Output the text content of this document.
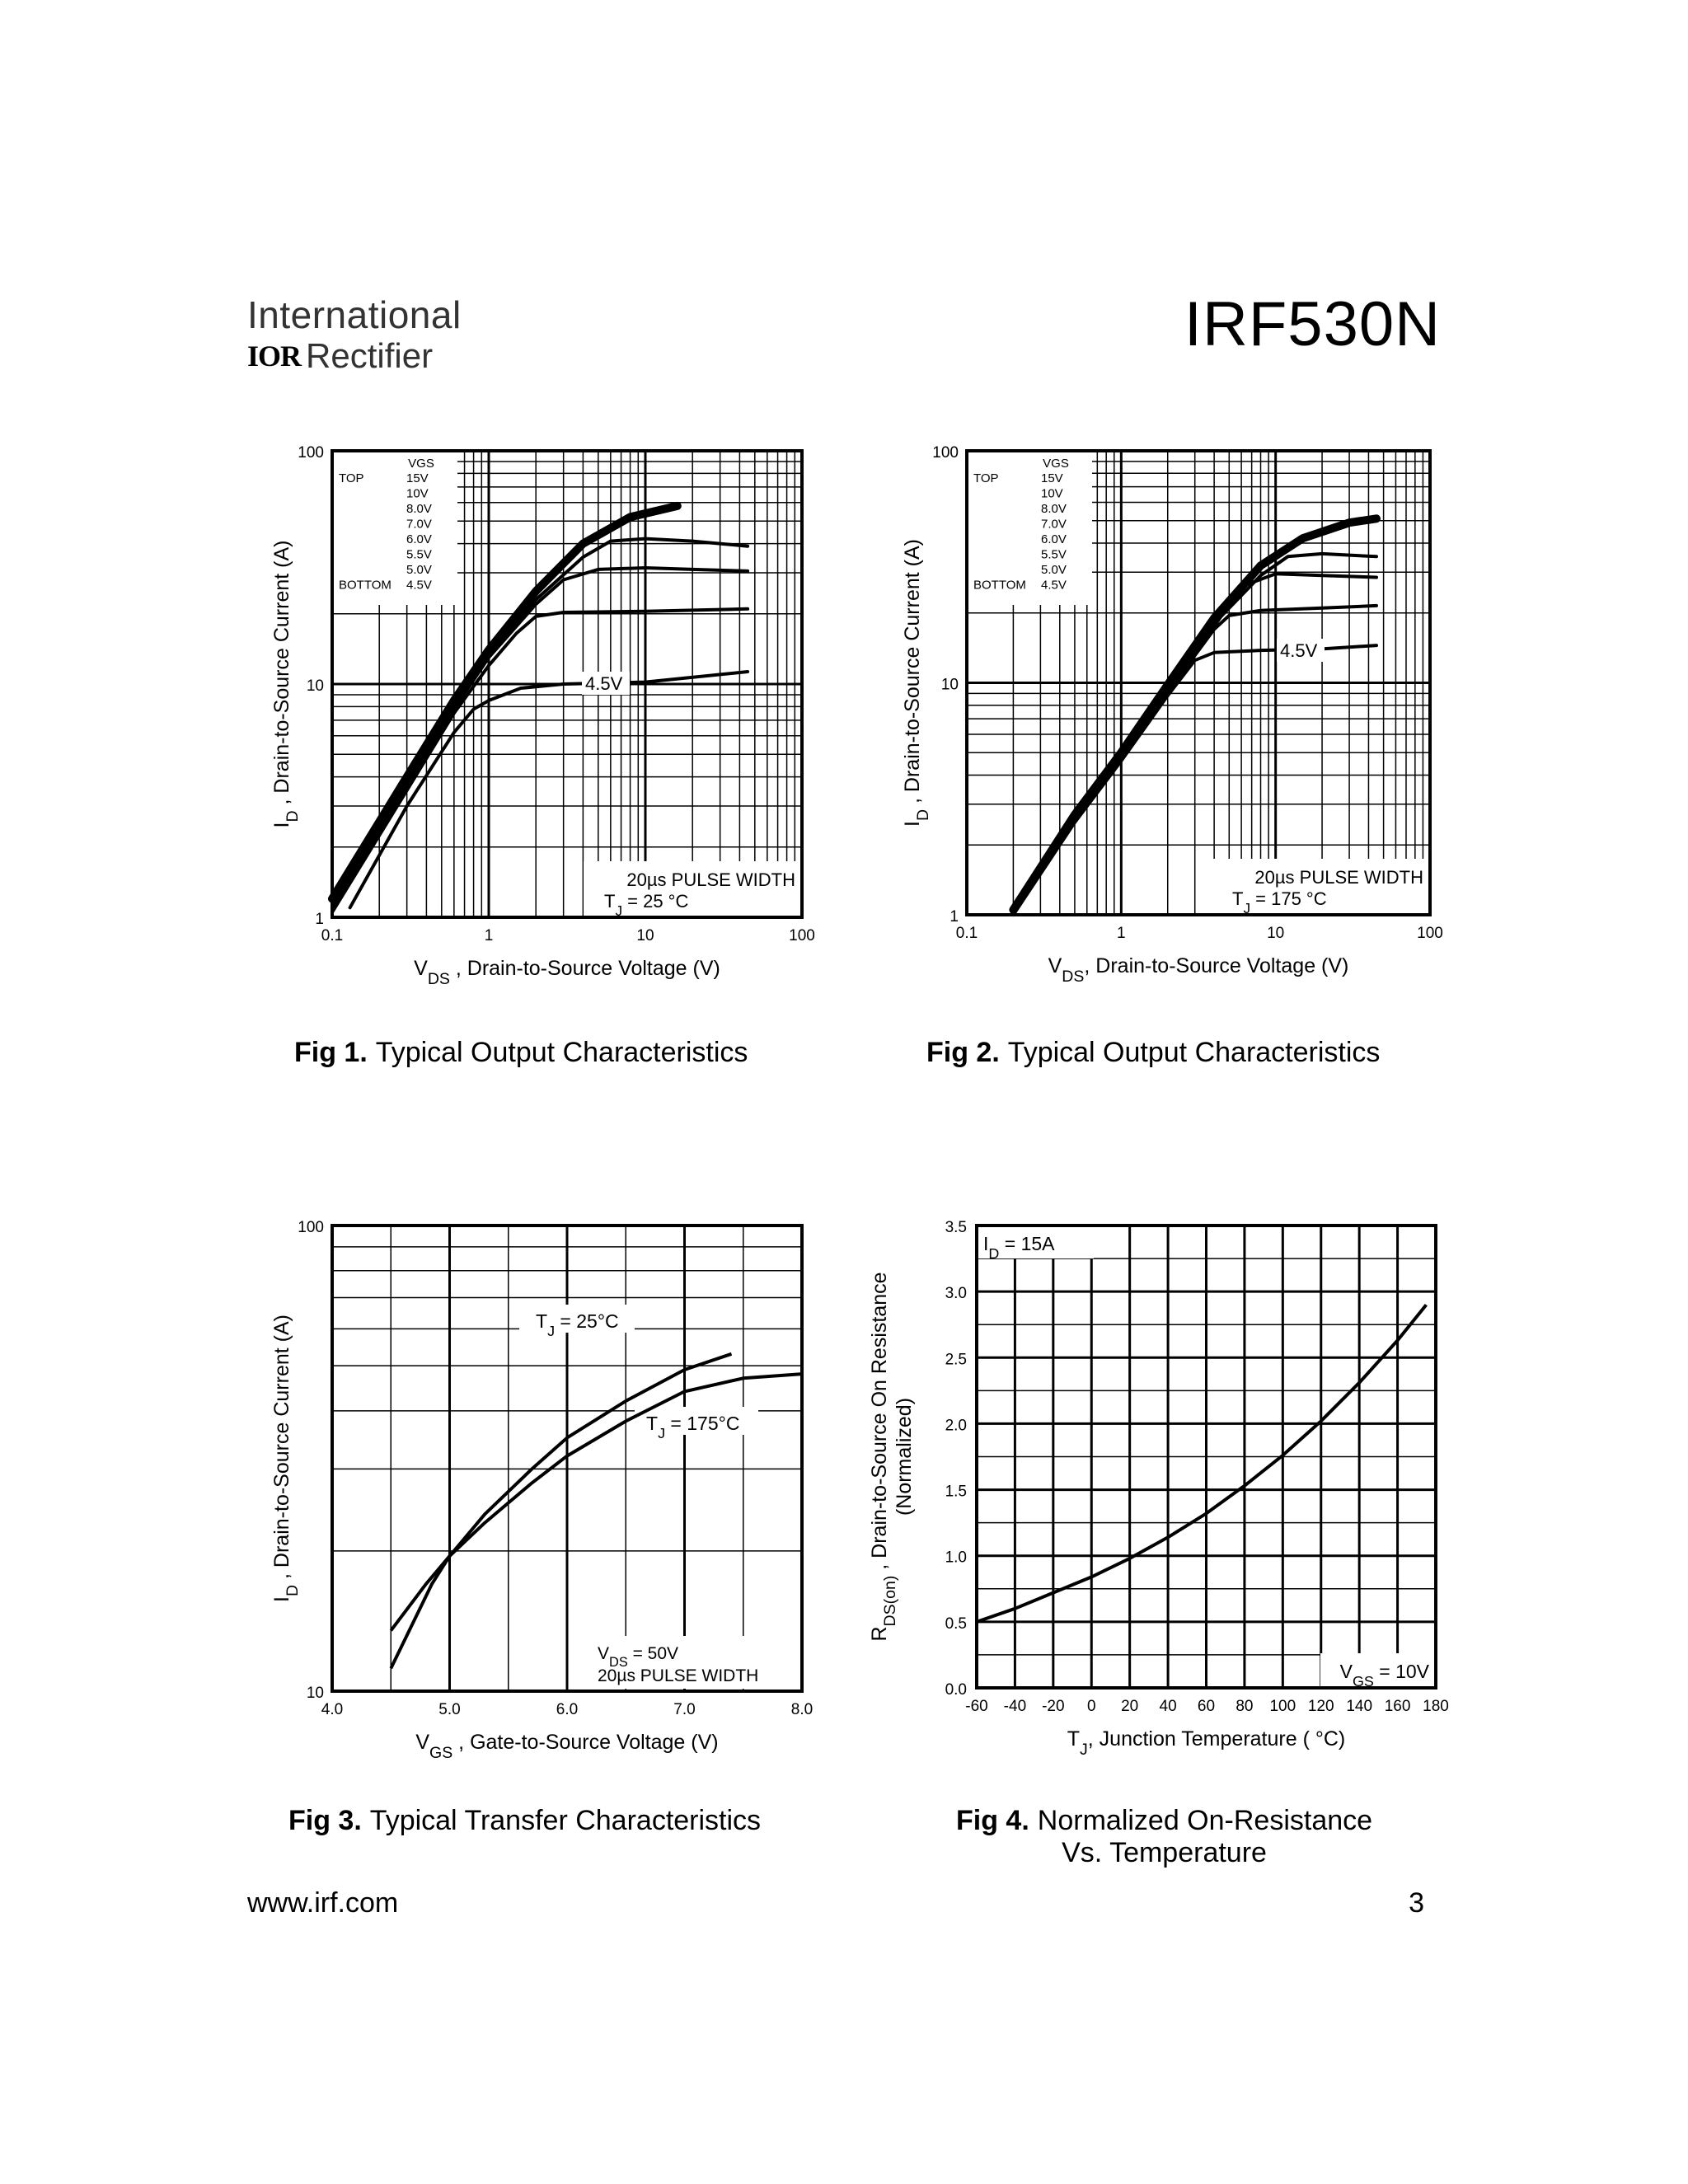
International
IOR Rectifier	IRF530N
VGS
TOP	15V
10V
8.0V
7.0V
6.0V
5.5V
5.0V
4.5V
BOTTOM
4.5V
20µs PULSE WIDTH
$T_J = 25$ °C
0.1	1	10	100
1
10
100
$V_{DS}$ , Drain-to-Source Voltage (V)
$I_D$ , Drain-to-Source Current (A)
Fig 1. Typical Output Characteristics
VGS
TOP	15V
10V
8.0V
7.0V
6.0V
5.5V
5.0V
4.5V
BOTTOM
4.5V
20µs PULSE WIDTH
$T_J = 175$ °C
0.1	1	10	100
1
10
100
$V_{DS}$, Drain-to-Source Voltage (V)
$I_D$ , Drain-to-Source Current (A)
Fig 2. Typical Output Characteristics
$T_J = 25^\circ C$
$T_J = 175^\circ C$
$V_{DS} = 50V$
20µs PULSE WIDTH
4.0	5.0	6.0	7.0	8.0
10
100
$V_{GS}$ , Gate-to-Source Voltage (V)
$I_D$ , Drain-to-Source Current (A)
Fig 3. Typical Transfer Characteristics
$I_D = 15A$
$V_{GS} = 10V$
-60 -40 -20 0 20 40 60 80 100 120 140 160 180
0.0
0.5
1.0
1.5
2.0
2.5
3.0
3.5
$T_J$, Junction Temperature ( °C)
$R_{DS(on)}$ , Drain-to-Source On Resistance (Normalized)
Fig 4. Normalized On-Resistance
Vs. Temperature
www.irf.com	3
